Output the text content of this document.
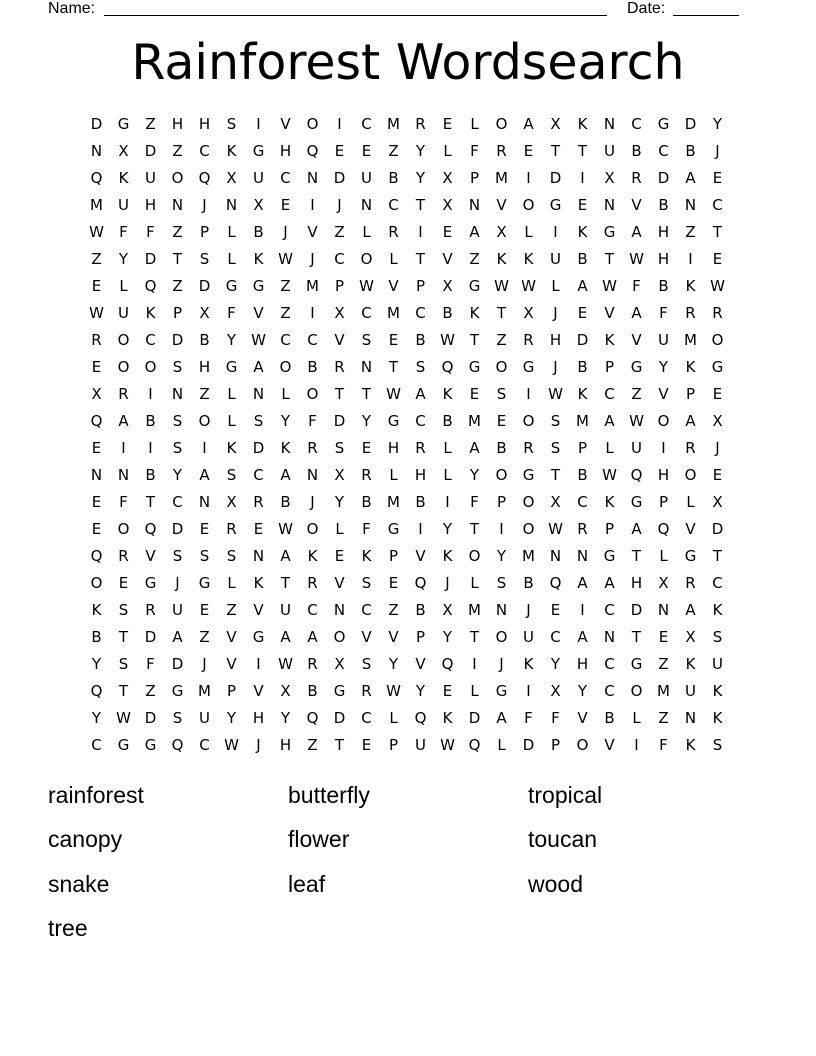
Name:	Date:
Rainforest Wordsearch
D	G	Z	H	H	S	I	V	O	I	C	M	R	E	L	O	A	X	K	N	C	G	D	Y
N	X	D	Z	C	K	G	H	Q	E	E	Z	Y	L	F	R	E	T	T	U	B	C	B	J
Q	K	U	O	Q	X	U	C	N	D	U	B	Y	X	P	M	I	D	I	X	R	D	A	E
M	U	H	N	J	N	X	E	I	J	N	C	T	X	N	V	O	G	E	N	V	B	N	C
W	F	F	Z	P	L	B	J	V	Z	L	R	I	E	A	X	L	I	K	G	A	H	Z	T
Z	Y	D	T	S	L	K W	J	C	O	L	T	V	Z	K	K	U	B	T	W H	I	E
E	L	Q	Z	D	G	G	Z	M	P	W V	P	X	G W W	L	A W	F	B	K W
W U	K	P	X	F	V	Z	I	X	C	M	C	B	K	T	X	J	E	V	A	F	R	R
R	O	C	D	B	Y	W C	C	V	S	E	B W T	Z	R	H	D	K	V	U	M O
E	O	O	S	H	G	A	O	B	R	N	T	S	Q	G	O	G	J	B	P	G	Y	K	G
X	R	I	N	Z	L	N	L	O	T	T	W A	K	E	S	I	W K	C	Z	V	P	E
Q	A	B	S	O	L	S	Y	F	D	Y	G	C	B	M	E	O	S	M	A W O	A	X
E	I	I	S	I	K	D	K	R	S	E	H	R	L	A	B	R	S	P	L	U	I	R	J
N	N	B	Y	A	S	C	A	N	X	R	L	H	L	Y	O	G	T	B W Q	H	O	E
E	F	T	C	N	X	R	B	J	Y	B	M	B	I	F	P	O	X	C	K	G	P	L	X
E	O	Q	D	E	R	E W O	L	F	G	I	Y	T	I	O W R	P	A	Q	V	D
Q	R	V	S	S	S	N	A	K	E	K	P	V	K	O	Y	M N	N	G	T	L	G	T
O	E	G	J	G	L	K	T	R	V	S	E	Q	J	L	S	B	Q	A	A	H	X	R	C
K	S	R	U	E	Z	V	U	C	N	C	Z	B	X	M N	J	E	I	C	D	N	A	K
B	T	D	A	Z	V	G	A	A	O	V	V	P	Y	T	O	U	C	A	N	T	E	X	S
Y	S	F	D	J	V	I	W R	X	S	Y	V	Q	I	J	K	Y	H	C	G	Z	K	U
Q	T	Z	G M	P	V	X	B	G	R W Y	E	L	G	I	X	Y	C	O M	U	K
Y	W D	S	U	Y	H	Y	Q	D	C	L	Q	K	D	A	F	F	V	B	L	Z	N	K
C	G	G	Q	C W	J	H	Z	T	E	P	U W Q	L	D	P	O	V	I	F	K	S
rainforest	butterfly	tropical
canopy	flower	toucan
snake	leaf	wood
tree
